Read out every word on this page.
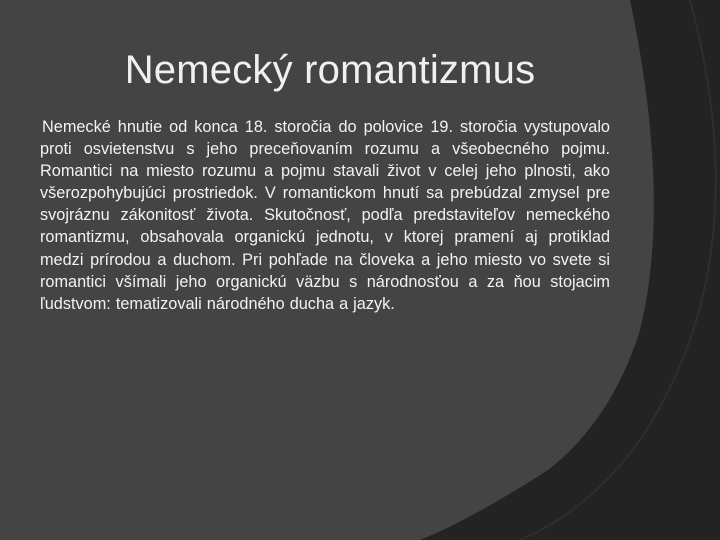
Nemecký romantizmus

Nemecké hnutie od konca 18. storočia do polovice 19. storočia vystupovalo proti osvietenstvu s jeho preceňovaním rozumu a všeobecného pojmu. Romantici na miesto rozumu a pojmu stavali život v celej jeho plnosti, ako všerozpohybujúci prostriedok. V romantickom hnutí sa prebúdzal zmysel pre svojráznu zákonitosť života. Skutočnosť, podľa predstaviteľov nemeckého romantizmu, obsahovala organickú jednotu, v ktorej pramení aj protiklad medzi prírodou a duchom. Pri pohľade na človeka a jeho miesto vo svete si romantici všímali jeho organickú väzbu s národnosťou a za ňou stojacim ľudstvom: tematizovali národného ducha a jazyk.
